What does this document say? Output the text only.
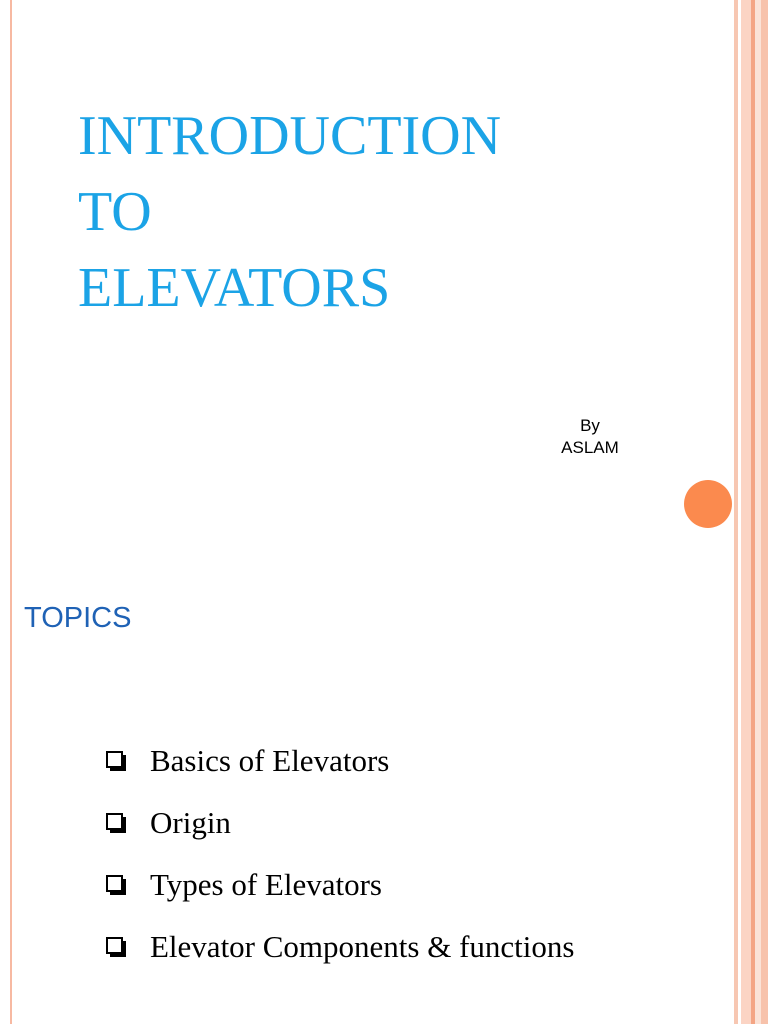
INTRODUCTION
TO
ELEVATORS
By
ASLAM
TOPICS
Basics of Elevators
Origin
Types of Elevators
Elevator Components & functions
